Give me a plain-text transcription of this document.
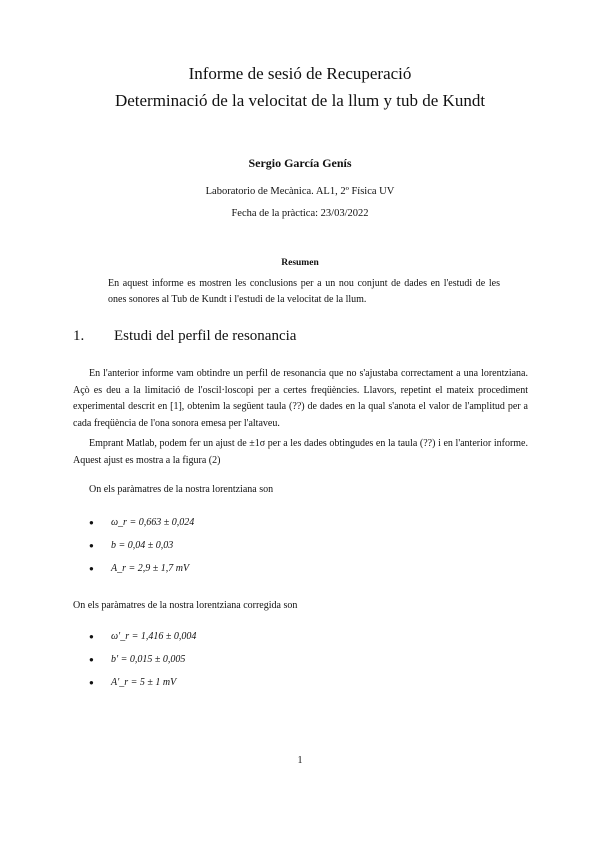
Informe de sesió de Recuperació
Determinació de la velocitat de la llum y tub de Kundt
Sergio García Genís
Laboratorio de Mecànica. AL1, 2º Física UV
Fecha de la pràctica: 23/03/2022
Resumen
En aquest informe es mostren les conclusions per a un nou conjunt de dades en l'estudi de les ones sonores al Tub de Kundt i l'estudi de la velocitat de la llum.
1.	Estudi del perfil de resonancia
En l'anterior informe vam obtindre un perfil de resonancia que no s'ajustaba correctament a una lorentziana. Açò es deu a la limitació de l'oscil·loscopi per a certes freqüències. Llavors, repetint el mateix procediment experimental descrit en [1], obtenim la següent taula (??) de dades en la qual s'anota el valor de l'amplitud per a cada freqüència de l'ona sonora emesa per l'altaveu.
Emprant Matlab, podem fer un ajust de ±1σ per a les dades obtingudes en la taula (??) i en l'anterior informe. Aquest ajust es mostra a la figura (2)
On els paràmatres de la nostra lorentziana son
●	ω_r = 0,663 ± 0,024
●	b = 0,04 ± 0,03
●	A_r = 2,9 ± 1,7 mV
On els paràmatres de la nostra lorentziana corregida son
●	ω'_r = 1,416 ± 0,004
●	b' = 0,015 ± 0,005
●	A'_r = 5 ± 1 mV
1
